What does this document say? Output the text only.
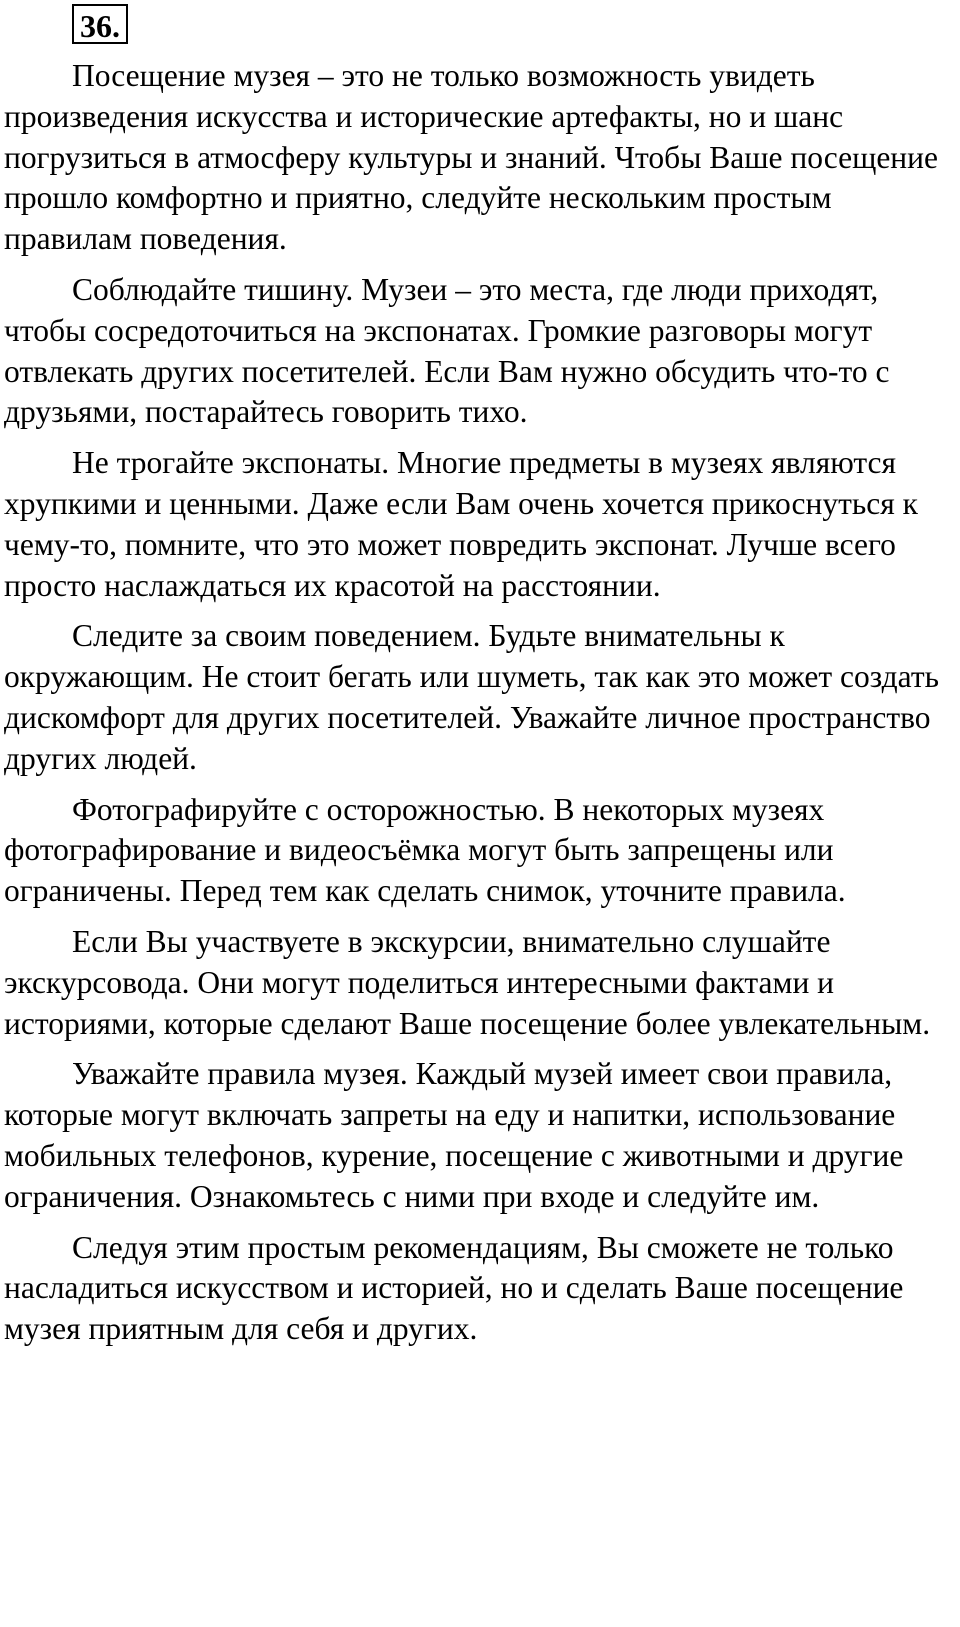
36.

Посещение музея – это не только возможность увидеть произведения искусства и исторические артефакты, но и шанс погрузиться в атмосферу культуры и знаний. Чтобы Ваше посещение прошло комфортно и приятно, следуйте нескольким простым правилам поведения.

Соблюдайте тишину. Музеи – это места, где люди приходят, чтобы сосредоточиться на экспонатах. Громкие разговоры могут отвлекать других посетителей. Если Вам нужно обсудить что-то с друзьями, постарайтесь говорить тихо.

Не трогайте экспонаты. Многие предметы в музеях являются хрупкими и ценными. Даже если Вам очень хочется прикоснуться к чему-то, помните, что это может повредить экспонат. Лучше всего просто наслаждаться их красотой на расстоянии.

Следите за своим поведением. Будьте внимательны к окружающим. Не стоит бегать или шуметь, так как это может создать дискомфорт для других посетителей. Уважайте личное пространство других людей.

Фотографируйте с осторожностью. В некоторых музеях фотографирование и видеосъёмка могут быть запрещены или ограничены. Перед тем как сделать снимок, уточните правила.

Если Вы участвуете в экскурсии, внимательно слушайте экскурсовода. Они могут поделиться интересными фактами и историями, которые сделают Ваше посещение более увлекательным.

Уважайте правила музея. Каждый музей имеет свои правила, которые могут включать запреты на еду и напитки, использование мобильных телефонов, курение, посещение с животными и другие ограничения. Ознакомьтесь с ними при входе и следуйте им.

Следуя этим простым рекомендациям, Вы сможете не только насладиться искусством и историей, но и сделать Ваше посещение музея приятным для себя и других.
